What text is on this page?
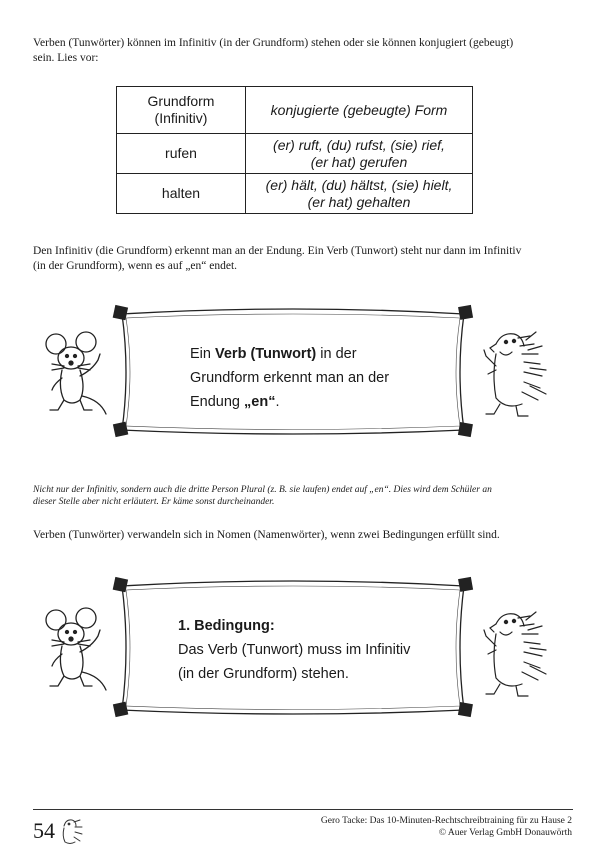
Verben (Tunwörter) können im Infinitiv (in der Grundform) stehen oder sie können konjugiert (gebeugt)
sein. Lies vor:
Grundform
(Infinitiv)	konjugierte (gebeugte) Form

rufen	(er) ruft, (du) rufst, (sie) rief,
(er hat) gerufen

halten	(er) hält, (du) hältst, (sie) hielt,
(er hat) gehalten
Den Infinitiv (die Grundform) erkennt man an der Endung. Ein Verb (Tunwort) steht nur dann im Infinitiv
(in der Grundform), wenn es auf „en“ endet.
Ein Verb (Tunwort) in der
Grundform erkennt man an der
Endung „en“.
Nicht nur der Infinitiv, sondern auch die dritte Person Plural (z. B. sie laufen) endet auf „en“. Dies wird dem Schüler an
dieser Stelle aber nicht erläutert. Er käme sonst durcheinander.
Verben (Tunwörter) verwandeln sich in Nomen (Namenwörter), wenn zwei Bedingungen erfüllt sind.
1. Bedingung:
Das Verb (Tunwort) muss im Infinitiv
(in der Grundform) stehen.
54	Gero Tacke: Das 10-Minuten-Rechtschreibtraining für zu Hause 2
© Auer Verlag GmbH Donauwörth
